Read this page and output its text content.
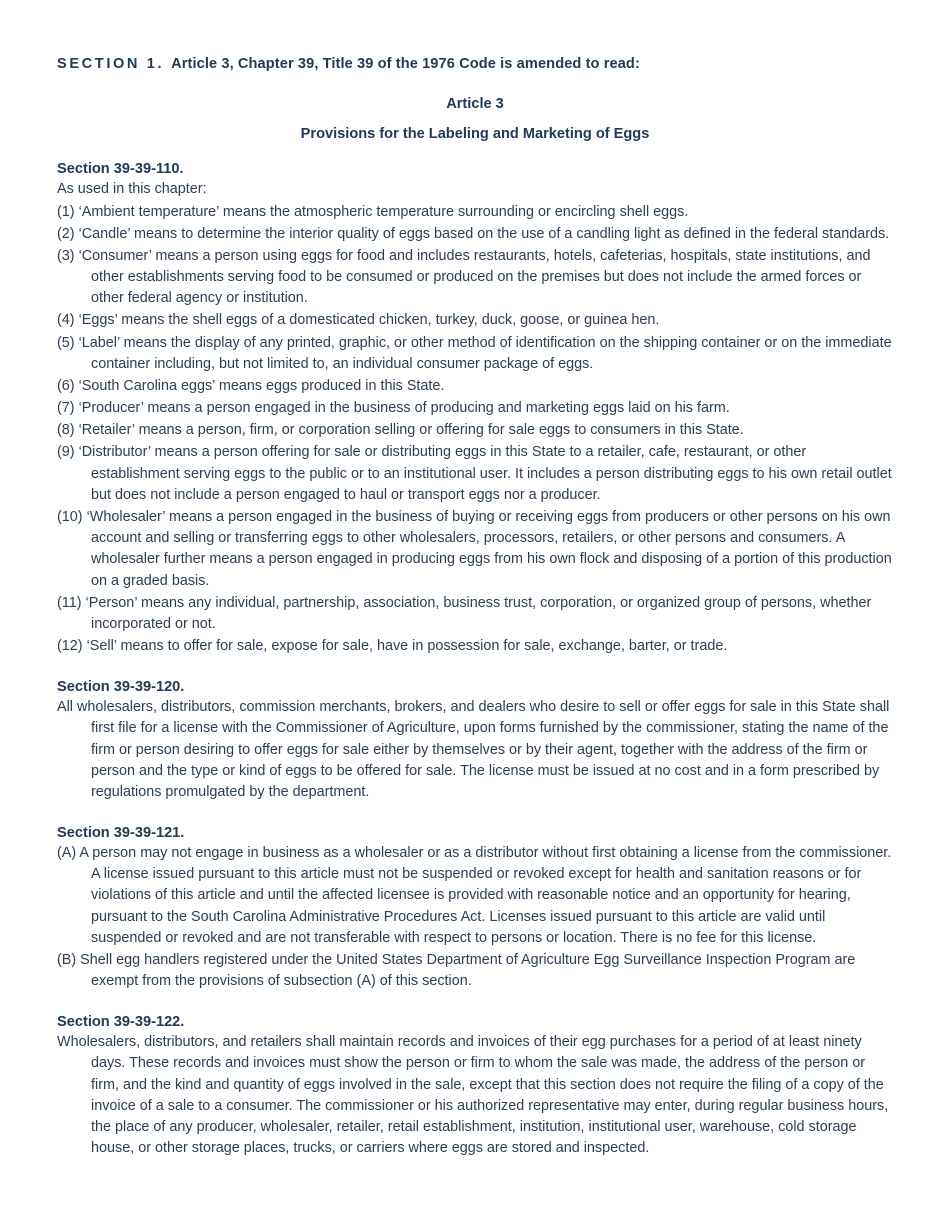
SECTION 1. Article 3, Chapter 39, Title 39 of the 1976 Code is amended to read:
Article 3
Provisions for the Labeling and Marketing of Eggs
Section 39-39-110.

As used in this chapter:

(1) ‘Ambient temperature’ means the atmospheric temperature surrounding or encircling shell eggs.

(2) ‘Candle’ means to determine the interior quality of eggs based on the use of a candling light as defined in the federal standards.

(3) ‘Consumer’ means a person using eggs for food and includes restaurants, hotels, cafeterias, hospitals, state institutions, and other establishments serving food to be consumed or produced on the premises but does not include the armed forces or other federal agency or institution.

(4) ‘Eggs’ means the shell eggs of a domesticated chicken, turkey, duck, goose, or guinea hen.

(5) ‘Label’ means the display of any printed, graphic, or other method of identification on the shipping container or on the immediate container including, but not limited to, an individual consumer package of eggs.

(6) ‘South Carolina eggs’ means eggs produced in this State.

(7) ‘Producer’ means a person engaged in the business of producing and marketing eggs laid on his farm.

(8) ‘Retailer’ means a person, firm, or corporation selling or offering for sale eggs to consumers in this State.

(9) ‘Distributor’ means a person offering for sale or distributing eggs in this State to a retailer, cafe, restaurant, or other establishment serving eggs to the public or to an institutional user. It includes a person distributing eggs to his own retail outlet but does not include a person engaged to haul or transport eggs nor a producer.

(10) ‘Wholesaler’ means a person engaged in the business of buying or receiving eggs from producers or other persons on his own account and selling or transferring eggs to other wholesalers, processors, retailers, or other persons and consumers. A wholesaler further means a person engaged in producing eggs from his own flock and disposing of a portion of this production on a graded basis.

(11) ‘Person’ means any individual, partnership, association, business trust, corporation, or organized group of persons, whether incorporated or not.

(12) ‘Sell’ means to offer for sale, expose for sale, have in possession for sale, exchange, barter, or trade.

Section 39-39-120.

All wholesalers, distributors, commission merchants, brokers, and dealers who desire to sell or offer eggs for sale in this State shall first file for a license with the Commissioner of Agriculture, upon forms furnished by the commissioner, stating the name of the firm or person desiring to offer eggs for sale either by themselves or by their agent, together with the address of the firm or person and the type or kind of eggs to be offered for sale. The license must be issued at no cost and in a form prescribed by regulations promulgated by the department.

Section 39-39-121.

(A) A person may not engage in business as a wholesaler or as a distributor without first obtaining a license from the commissioner. A license issued pursuant to this article must not be suspended or revoked except for health and sanitation reasons or for violations of this article and until the affected licensee is provided with reasonable notice and an opportunity for hearing, pursuant to the South Carolina Administrative Procedures Act. Licenses issued pursuant to this article are valid until suspended or revoked and are not transferable with respect to persons or location. There is no fee for this license.

(B) Shell egg handlers registered under the United States Department of Agriculture Egg Surveillance Inspection Program are exempt from the provisions of subsection (A) of this section.

Section 39-39-122.

Wholesalers, distributors, and retailers shall maintain records and invoices of their egg purchases for a period of at least ninety days. These records and invoices must show the person or firm to whom the sale was made, the address of the person or firm, and the kind and quantity of eggs involved in the sale, except that this section does not require the filing of a copy of the invoice of a sale to a consumer. The commissioner or his authorized representative may enter, during regular business hours, the place of any producer, wholesaler, retailer, retail establishment, institution, institutional user, warehouse, cold storage house, or other storage places, trucks, or carriers where eggs are stored and inspected.
